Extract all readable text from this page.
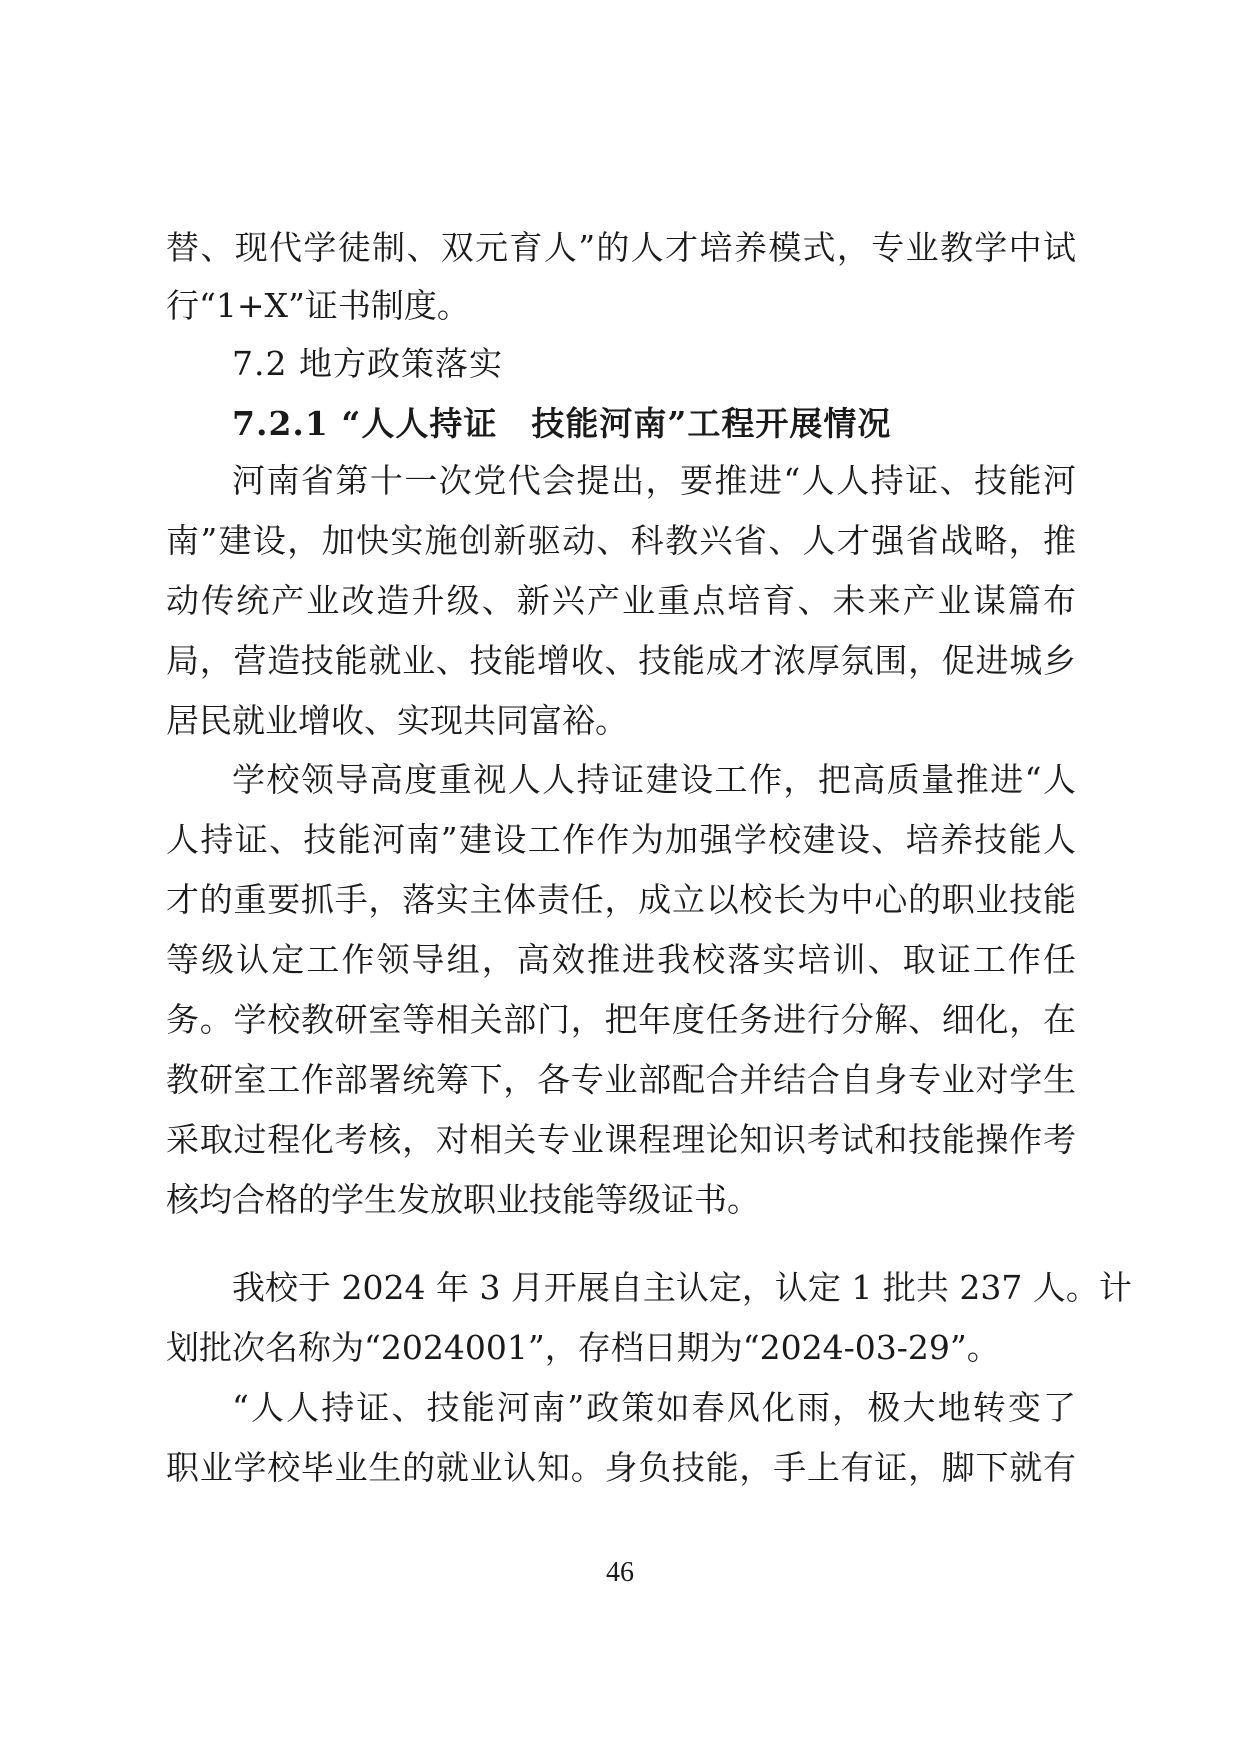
替、现代学徒制、双元育人”的人才培养模式，专业教学中试
行“1+X”证书制度。
7.2 地方政策落实
7.2.1 “人人持证　技能河南”工程开展情况
河南省第十一次党代会提出，要推进“人人持证、技能河
南”建设，加快实施创新驱动、科教兴省、人才强省战略，推
动传统产业改造升级、新兴产业重点培育、未来产业谋篇布
局，营造技能就业、技能增收、技能成才浓厚氛围，促进城乡
居民就业增收、实现共同富裕。
学校领导高度重视人人持证建设工作，把高质量推进“人
人持证、技能河南”建设工作作为加强学校建设、培养技能人
才的重要抓手，落实主体责任，成立以校长为中心的职业技能
等级认定工作领导组，高效推进我校落实培训、取证工作任
务。学校教研室等相关部门，把年度任务进行分解、细化，在
教研室工作部署统筹下，各专业部配合并结合自身专业对学生
采取过程化考核，对相关专业课程理论知识考试和技能操作考
核均合格的学生发放职业技能等级证书。
我校于 2024 年 3 月开展自主认定，认定 1 批共 237 人。计
划批次名称为“2024001”，存档日期为“2024-03-29”。
“人人持证、技能河南”政策如春风化雨，极大地转变了
职业学校毕业生的就业认知。身负技能，手上有证，脚下就有
46
